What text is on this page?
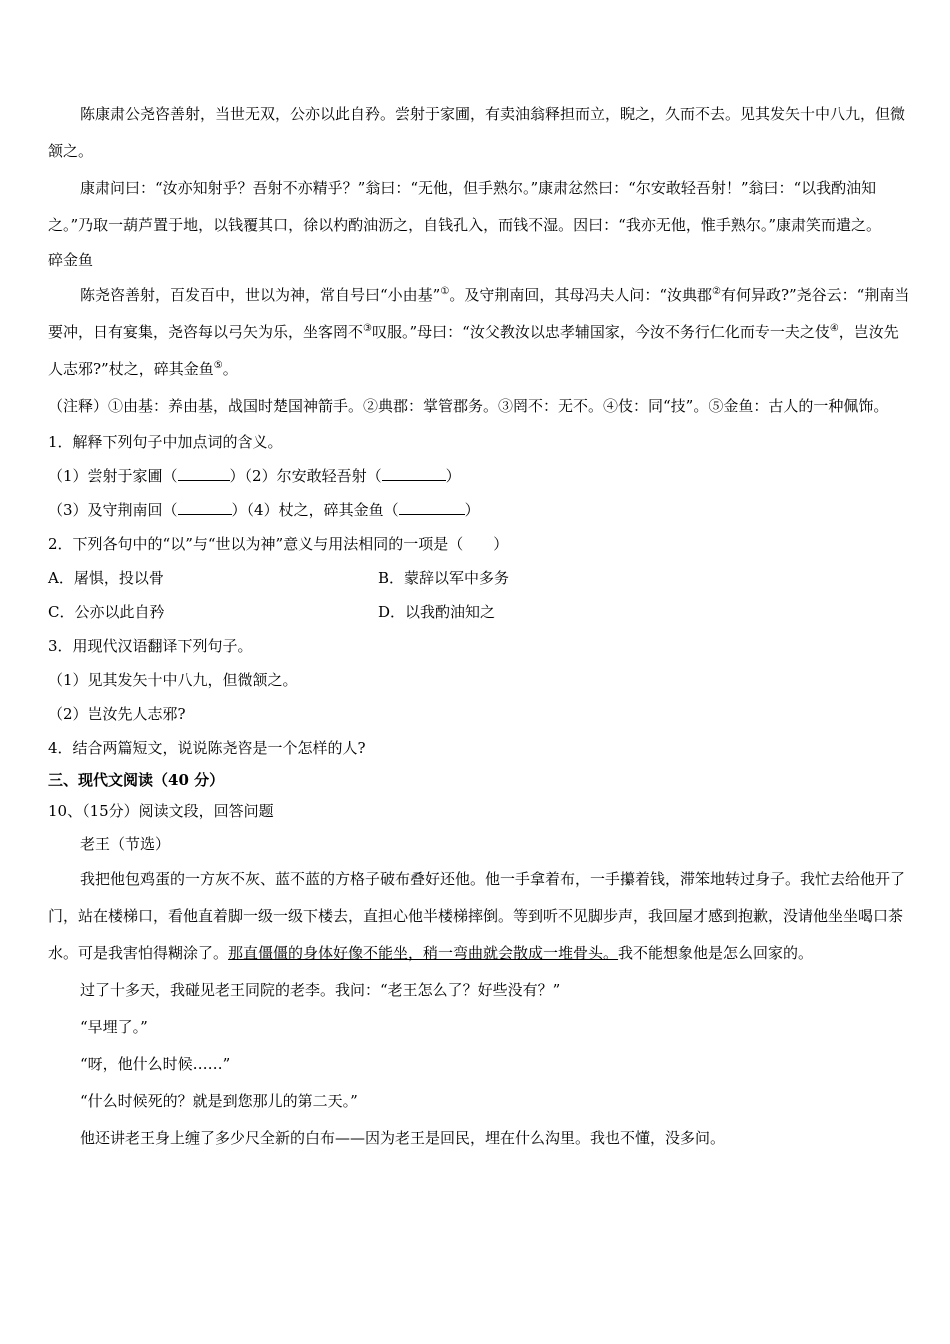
陈康肃公尧咨善射，当世无双，公亦以此自矜。尝射于家圃，有卖油翁释担而立，睨之，久而不去。见其发矢十中八九，但微颔之。

康肃问曰：“汝亦知射乎？吾射不亦精乎？”翁曰：“无他，但手熟尔。”康肃忿然曰：“尔安敢轻吾射！”翁曰：“以我酌油知之。”乃取一葫芦置于地，以钱覆其口，徐以杓酌油沥之，自钱孔入，而钱不湿。因曰：“我亦无他，惟手熟尔。”康肃笑而遣之。

碎金鱼

陈尧咨善射，百发百中，世以为神，常自号曰“小由基”①。及守荆南回，其母冯夫人问：“汝典郡②有何异政?”尧谷云：“荆南当要冲，日有宴集，尧咨每以弓矢为乐，坐客罔不③叹服。”母曰：“汝父教汝以忠孝辅国家，今汝不务行仁化而专一夫之伎④，岂汝先人志邪?”杖之，碎其金鱼⑤。

（注释）①由基：养由基，战国时楚国神箭手。②典郡：掌管郡务。③罔不：无不。④伎：同“技”。⑤金鱼：古人的一种佩饰。

1．解释下列句子中加点词的含义。

（1）尝射于家圃（	）（2）尔安敢轻吾射（	）

（3）及守荆南回（	）（4）杖之，碎其金鱼（	）

2．下列各句中的“以”与“世以为神”意义与用法相同的一项是（　　）

A．屠惧，投以骨	B．蒙辞以军中多务
C．公亦以此自矜	D．以我酌油知之

3．用现代汉语翻译下列句子。

（1）见其发矢十中八九，但微颔之。

（2）岂汝先人志邪?

4．结合两篇短文，说说陈尧咨是一个怎样的人?

三、现代文阅读（40 分）

10、（15分）阅读文段，回答问题

老王（节选）

我把他包鸡蛋的一方灰不灰、蓝不蓝的方格子破布叠好还他。他一手拿着布，一手攥着钱，滞笨地转过身子。我忙去给他开了门，站在楼梯口，看他直着脚一级一级下楼去，直担心他半楼梯摔倒。等到听不见脚步声，我回屋才感到抱歉，没请他坐坐喝口茶水。可是我害怕得糊涂了。那直僵僵的身体好像不能坐，稍一弯曲就会散成一堆骨头。我不能想象他是怎么回家的。

过了十多天，我碰见老王同院的老李。我问：“老王怎么了？好些没有？”

“早埋了。”

“呀，他什么时候……”

“什么时候死的？就是到您那儿的第二天。”

他还讲老王身上缠了多少尺全新的白布——因为老王是回民，埋在什么沟里。我也不懂，没多问。
